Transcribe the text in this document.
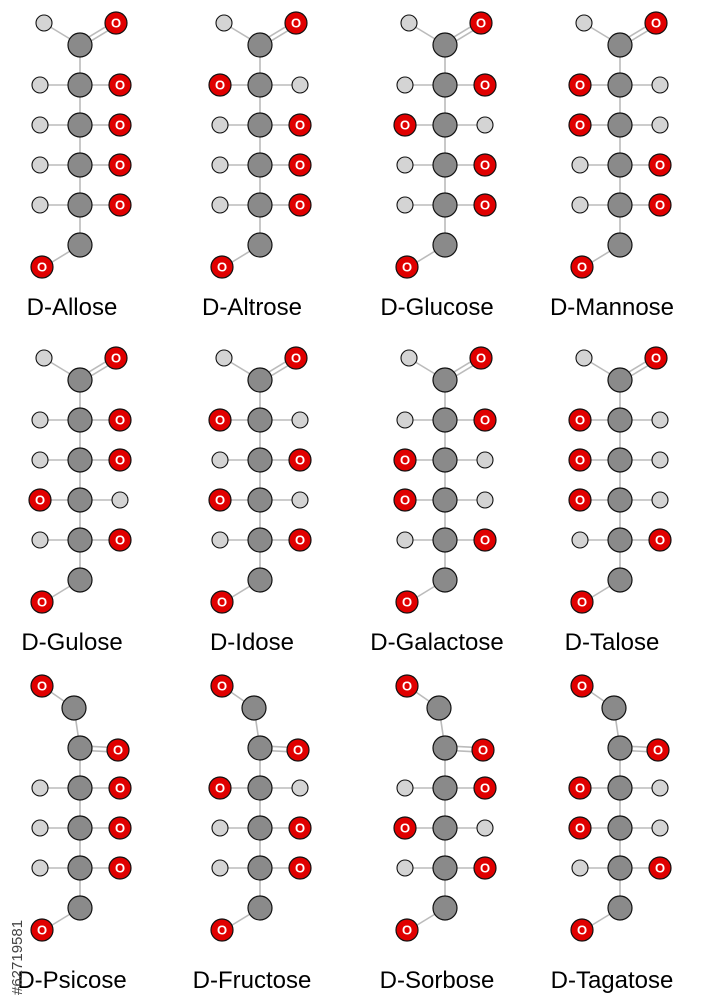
O
O
O
O
O
O
D-Allose
O
O
O
O
O
O
D-Altrose
O
O
O
O
O
O
D-Glucose
O
O
O
O
O
O
D-Mannose
O
O
O
O
O
O
D-Gulose
O
O
O
O
O
O
D-Idose
O
O
O
O
O
O
D-Galactose
O
O
O
O
O
O
D-Talose
O
O
O
O
O
O
D-Psicose
O
O
O
O
O
O
D-Fructose
O
O
O
O
O
O
D-Sorbose
O
O
O
O
O
O
D-Tagatose
#62719581
